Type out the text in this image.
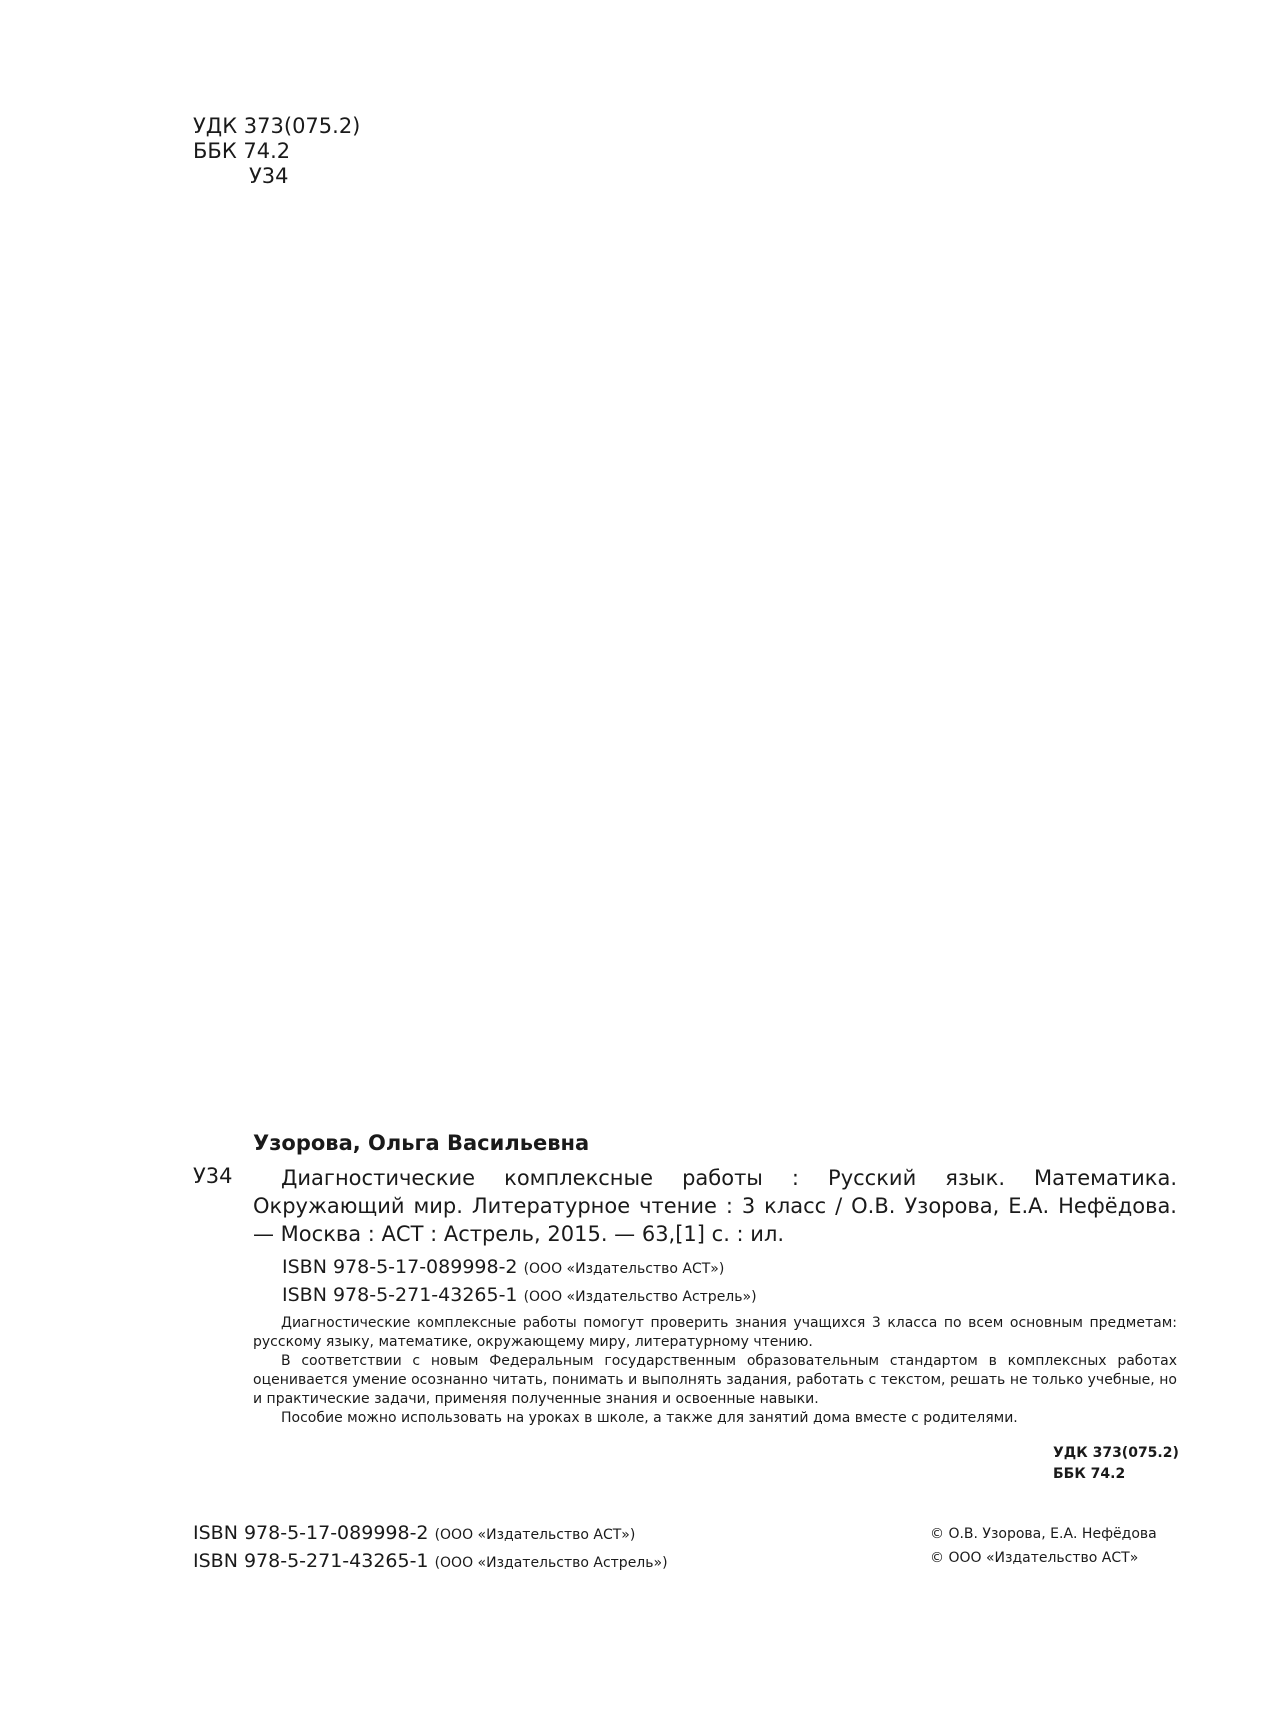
УДК 373(075.2)
ББК 74.2
У34
Узорова, Ольга Васильевна
У34	Диагностические комплексные работы : Русский язык. Математика. Окружающий мир. Литературное чтение : 3 класс / О.В. Узорова, Е.А. Нефёдова. — Москва : АСТ : Астрель, 2015. — 63,[1] с. : ил.
ISBN 978-5-17-089998-2 (ООО «Издательство АСТ»)
ISBN 978-5-271-43265-1 (ООО «Издательство Астрель»)

Диагностические комплексные работы помогут проверить знания учащихся 3 класса по всем основным предметам: русскому языку, математике, окружающему миру, литературному чтению.

В соответствии с новым Федеральным государственным образовательным стандартом в комплексных работах оценивается умение осознанно читать, понимать и выполнять задания, работать с текстом, решать не только учебные, но и практические задачи, применяя полученные знания и освоенные навыки.

Пособие можно использовать на уроках в школе, а также для занятий дома вместе с родителями.

УДК 373(075.2)
ББК 74.2
ISBN 978-5-17-089998-2 (ООО «Издательство АСТ»)
ISBN 978-5-271-43265-1 (ООО «Издательство Астрель»)
© О.В. Узорова, Е.А. Нефёдова
© ООО «Издательство АСТ»
